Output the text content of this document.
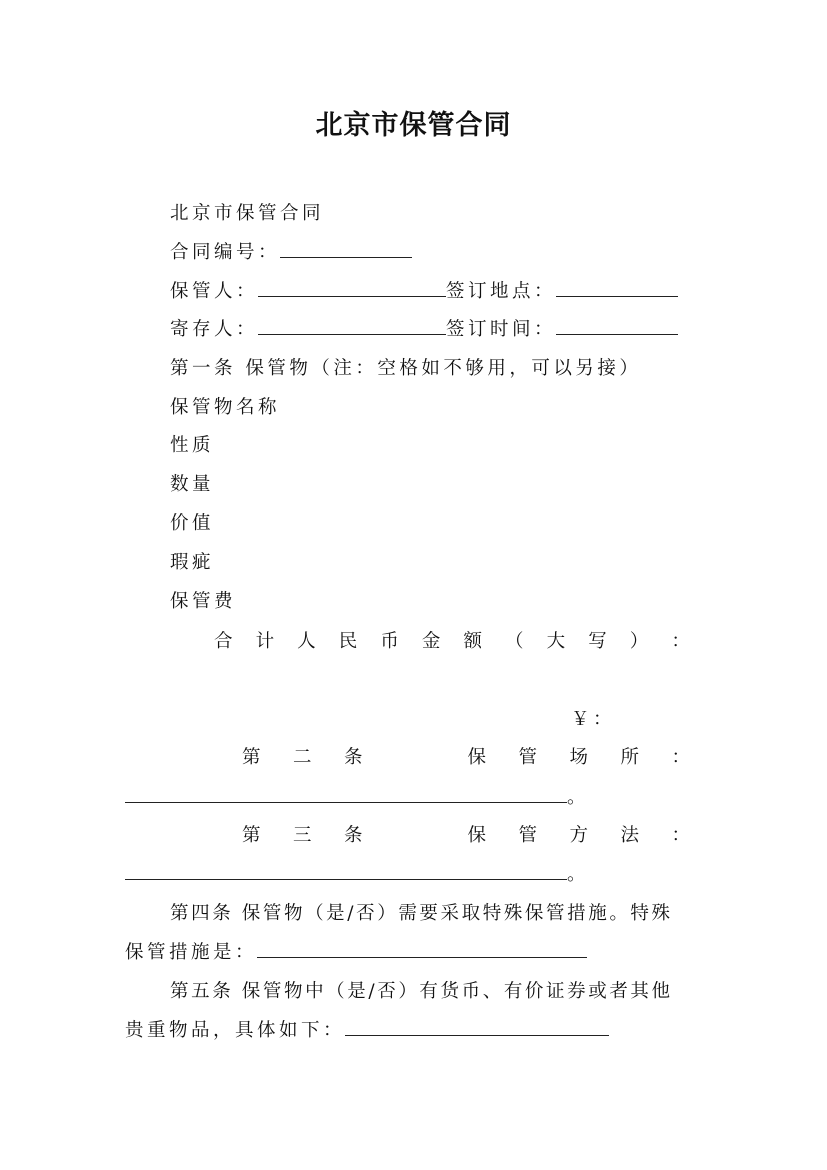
北京市保管合同
北京市保管合同
合同编号：
保管人：	签订地点：
寄存人：	签订时间：
第一条 保管物（注：空格如不够用，可以另接）
保管物名称
性质
数量
价值
瑕疵
保管费
合 计 人 民 币 金 额 （ 大 写 ） ：
￥：
第 二 条	保 管 场 所 ：
。
第 三 条	保 管 方 法 ：
。
第四条 保管物（是/否）需要采取特殊保管措施。特殊
保管措施是：
第五条 保管物中（是/否）有货币、有价证券或者其他
贵重物品，具体如下：
